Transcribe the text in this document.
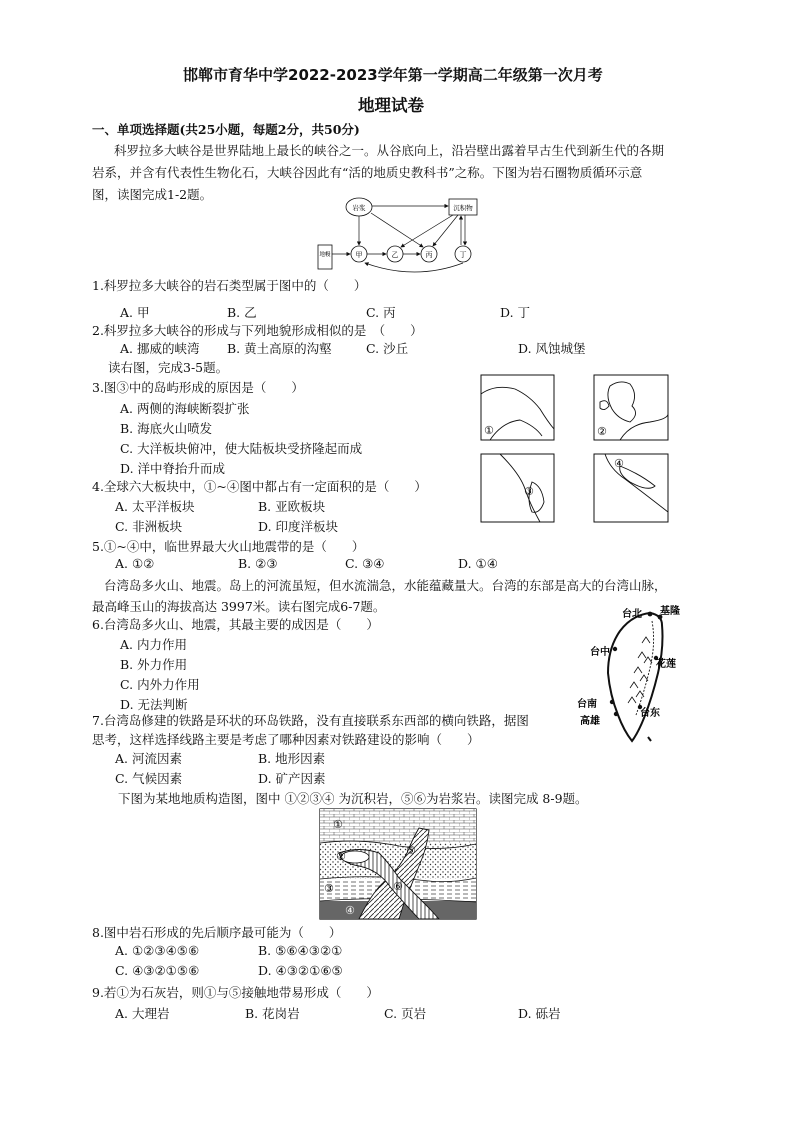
邯郸市育华中学2022-2023学年第一学期高二年级第一次月考
地理试卷
一、单项选择题(共25小题，每题2分，共50分)
科罗拉多大峡谷是世界陆地上最长的峡谷之一。从谷底向上，沿岩壁出露着早古生代到新生代的各期
岩系，并含有代表性生物化石，大峡谷因此有“活的地质史教科书”之称。下图为岩石圈物质循环示意
图，读图完成1-2题。
岩浆	沉积物
地幔	甲	乙	丙	丁
1.科罗拉多大峡谷的岩石类型属于图中的（　　）
A. 甲	B. 乙	C. 丙	D. 丁
2.科罗拉多大峡谷的形成与下列地貌形成相似的是　（　　）
A. 挪威的峡湾 B. 黄土高原的沟壑	C. 沙丘	D. 风蚀城堡
读右图，完成3-5题。
3.图③中的岛屿形成的原因是（　　）
A. 两侧的海峡断裂扩张
B. 海底火山喷发
C. 大洋板块俯冲，使大陆板块受挤隆起而成
D. 洋中脊抬升而成
①	②
③
④
4.全球六大板块中，①~④图中都占有一定面积的是（　　）
A. 太平洋板块	B. 亚欧板块
C. 非洲板块	D. 印度洋板块
5.①~④中，临世界最大火山地震带的是（　　）
A. ①②	B. ②③	C. ③④	D. ①④
台湾岛多火山、地震。岛上的河流虽短，但水流湍急，水能蕴藏量大。台湾的东部是高大的台湾山脉，
最高峰玉山的海拔高达 3997米。读右图完成6-7题。
台北 基隆
台中
花莲
台南
台东
高雄
6.台湾岛多火山、地震，其最主要的成因是（　　）
A. 内力作用
B. 外力作用
C. 内外力作用
D. 无法判断
7.台湾岛修建的铁路是环状的环岛铁路，没有直接联系东西部的横向铁路，据图
思考，这样选择线路主要是考虑了哪种因素对铁路建设的影响（　　）
A. 河流因素	B. 地形因素
C. 气候因素	D. 矿产因素
下图为某地地质构造图，图中 ①②③④ 为沉积岩，⑤⑥为岩浆岩。读图完成 8-9题。
①
②
③
④
⑤
⑥
8.图中岩石形成的先后顺序最可能为（　　）
A. ①②③④⑤⑥	B. ⑤⑥④③②①
C. ④③②①⑤⑥	D. ④③②①⑥⑤
9.若①为石灰岩，则①与⑤接触地带易形成（　　）
A. 大理岩	B. 花岗岩	C. 页岩	D. 砾岩
